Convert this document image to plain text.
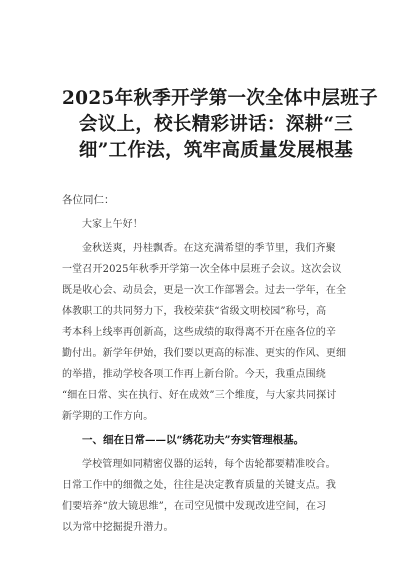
2025年秋季开学第一次全体中层班子
会议上，校长精彩讲话：深耕“三
细”工作法，筑牢高质量发展根基

各位同仁：

大家上午好！

金秋送爽，丹桂飘香。在这充满希望的季节里，我们齐聚
一堂召开2025年秋季开学第一次全体中层班子会议。这次会议
既是收心会、动员会，更是一次工作部署会。过去一学年，在全
体教职工的共同努力下，我校荣获“省级文明校园”称号，高
考本科上线率再创新高，这些成绩的取得离不开在座各位的辛
勤付出。新学年伊始，我们要以更高的标准、更实的作风、更细
的举措，推动学校各项工作再上新台阶。今天，我重点围绕
“细在日常、实在执行、好在成效”三个维度，与大家共同探讨
新学期的工作方向。

一、细在日常——以“绣花功夫”夯实管理根基。

学校管理如同精密仪器的运转，每个齿轮都要精准咬合。
日常工作中的细微之处，往往是决定教育质量的关键支点。我
们要培养“放大镜思维”，在司空见惯中发现改进空间，在习
以为常中挖掘提升潜力。
